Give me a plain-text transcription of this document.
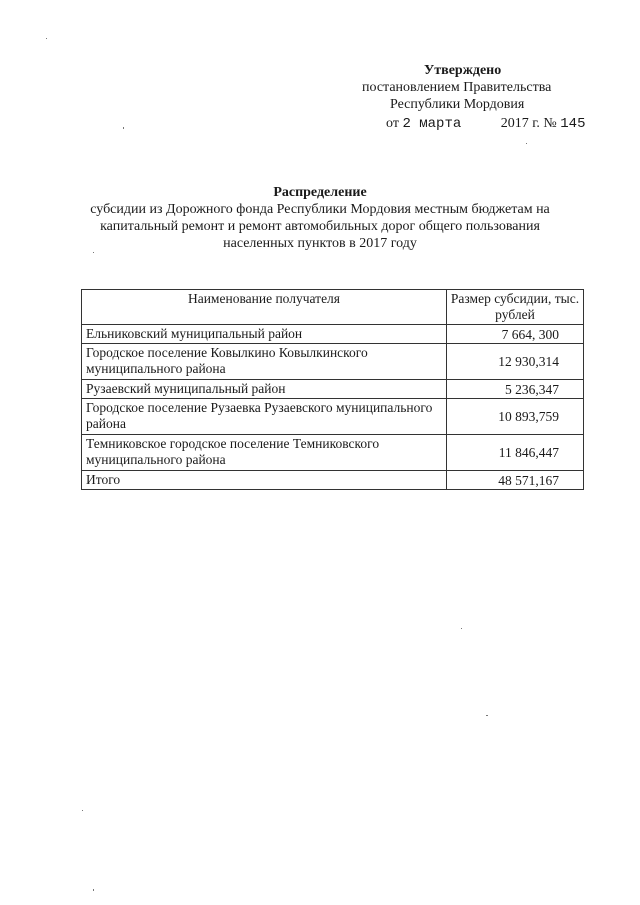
Утверждено
постановлением Правительства
Республики Мордовия
от 2 марта	2017 г. № 145
Распределение
субсидии из Дорожного фонда Республики Мордовия местным бюджетам на
капитальный ремонт и ремонт автомобильных дорог общего пользования
населенных пунктов в 2017 году
Наименование получателя	Размер субсидии, тыс. рублей
Ельниковский муниципальный район	7 664, 300
Городское поселение Ковылкино Ковылкинского муниципального района	12 930,314
Рузаевский муниципальный район	5 236,347
Городское поселение Рузаевка Рузаевского муниципального района	10 893,759
Темниковское городское поселение Темниковского муниципального района	11 846,447
Итого	48 571,167
